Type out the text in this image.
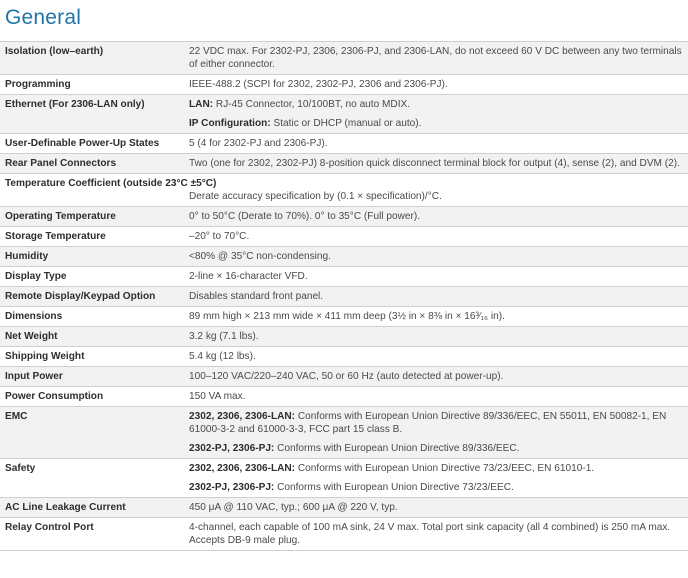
General
Isolation (low–earth)	22 VDC max. For 2302-PJ, 2306, 2306-PJ, and 2306-LAN, do not exceed 60 V DC between any two terminals of either connector.
Programming	IEEE-488.2 (SCPI for 2302, 2302-PJ, 2306 and 2306-PJ).
Ethernet (For 2306-LAN only)	LAN: RJ-45 Connector, 10/100BT, no auto MDIX.
IP Configuration: Static or DHCP (manual or auto).

User-Definable Power-Up States	5 (4 for 2302-PJ and 2306-PJ).
Rear Panel Connectors	Two (one for 2302, 2302-PJ) 8-position quick disconnect terminal block for output (4), sense (2), and DVM (2).
Temperature Coefficient (outside 23°C ±5°C)	
	Derate accuracy specification by (0.1 × specification)/°C.
Operating Temperature	0° to 50°C (Derate to 70%). 0° to 35°C (Full power).
Storage Temperature	–20° to 70°C.
Humidity	<80% @ 35°C non-condensing.
Display Type	2-line × 16-character VFD.
Remote Display/Keypad Option	Disables standard front panel.
Dimensions	89 mm high × 213 mm wide × 411 mm deep (3½ in × 8⅜ in × 16³⁄₁₆ in).
Net Weight	3.2 kg (7.1 lbs).
Shipping Weight	5.4 kg (12 lbs).
Input Power	100–120 VAC/220–240 VAC, 50 or 60 Hz (auto detected at power-up).
Power Consumption	150 VA max.
EMC	2302, 2306, 2306-LAN: Conforms with European Union Directive 89/336/EEC, EN 55011, EN 50082-1, EN 61000-3-2 and 61000-3-3, FCC part 15 class B.
2302-PJ, 2306-PJ: Conforms with European Union Directive 89/336/EEC.

Safety	2302, 2306, 2306-LAN: Conforms with European Union Directive 73/23/EEC, EN 61010-1.
2302-PJ, 2306-PJ: Conforms with European Union Directive 73/23/EEC.

AC Line Leakage Current	450 μA @ 110 VAC, typ.; 600 μA @ 220 V, typ.
Relay Control Port	4-channel, each capable of 100 mA sink, 24 V max. Total port sink capacity (all 4 combined) is 250 mA max. Accepts DB-9 male plug.
